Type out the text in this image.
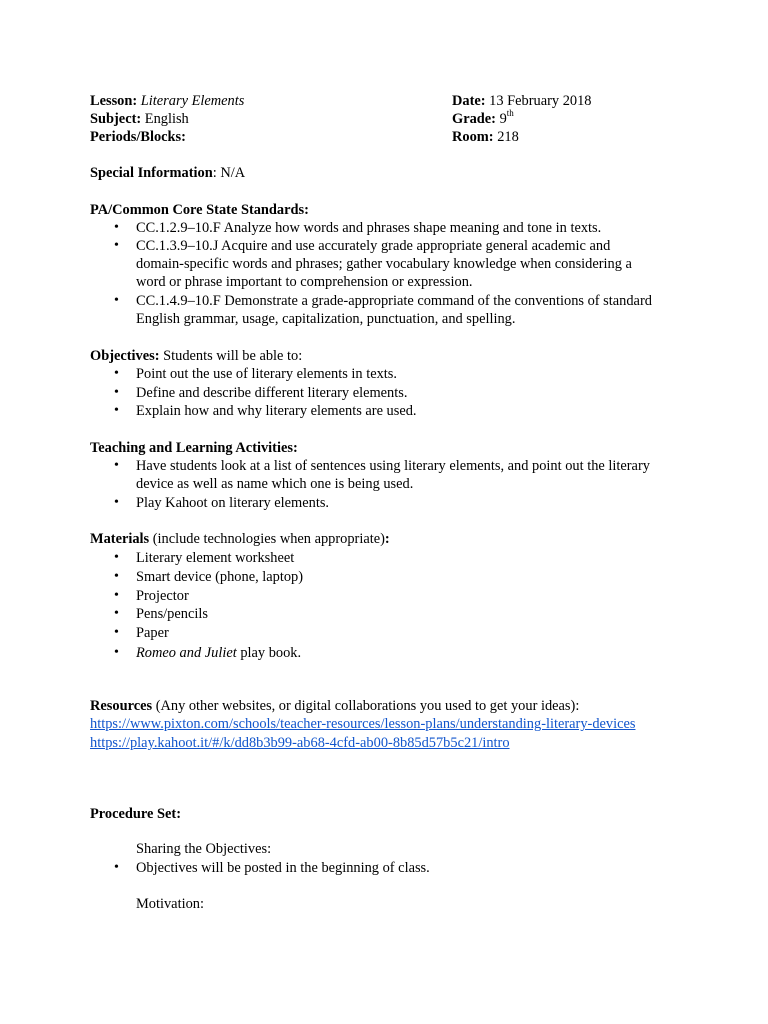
Lesson: Literary Elements	Date: 13 February 2018
Subject: English	Grade: 9th
Periods/Blocks:	Room: 218
Special Information: N/A
PA/Common Core State Standards:
• CC.1.2.9–10.F Analyze how words and phrases shape meaning and tone in texts.
• CC.1.3.9–10.J Acquire and use accurately grade appropriate general academic and
domain-specific words and phrases; gather vocabulary knowledge when considering a
word or phrase important to comprehension or expression.
• CC.1.4.9–10.F Demonstrate a grade-appropriate command of the conventions of standard
English grammar, usage, capitalization, punctuation, and spelling.
Objectives: Students will be able to:
• Point out the use of literary elements in texts.
• Define and describe different literary elements.
• Explain how and why literary elements are used.
Teaching and Learning Activities:
• Have students look at a list of sentences using literary elements, and point out the literary
device as well as name which one is being used.
• Play Kahoot on literary elements.
Materials (include technologies when appropriate):
• Literary element worksheet
• Smart device (phone, laptop)
• Projector
• Pens/pencils
• Paper
• Romeo and Juliet play book.
Resources (Any other websites, or digital collaborations you used to get your ideas):
https://www.pixton.com/schools/teacher-resources/lesson-plans/understanding-literary-devices
https://play.kahoot.it/#/k/dd8b3b99-ab68-4cfd-ab00-8b85d57b5c21/intro
Procedure Set:
Sharing the Objectives:
• Objectives will be posted in the beginning of class.
Motivation:
